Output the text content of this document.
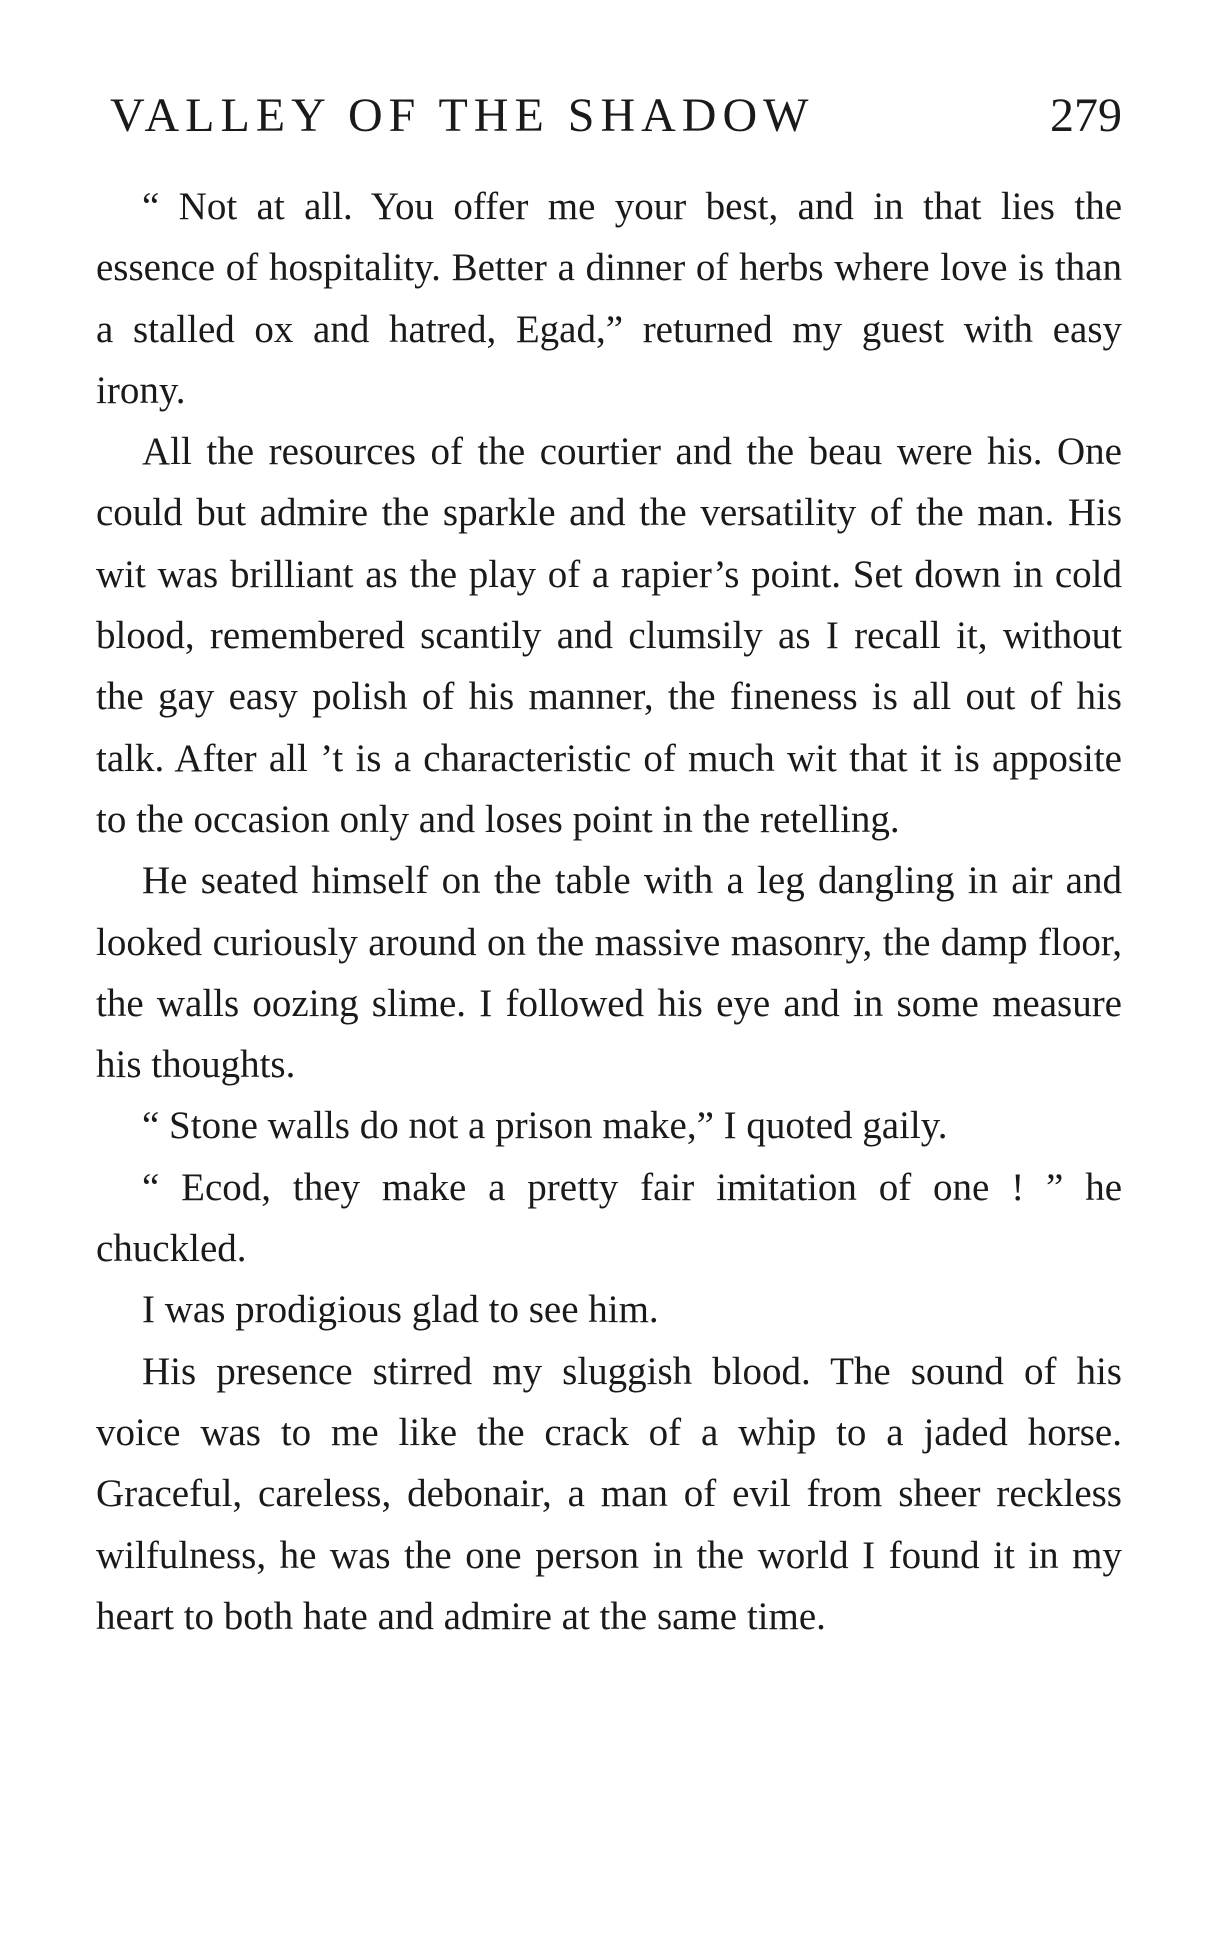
VALLEY OF THE SHADOW	279

“ Not at all. You offer me your best, and in that lies the essence of hospitality. Better a dinner of herbs where love is than a stalled ox and hatred, Egad,” returned my guest with easy irony.

All the resources of the courtier and the beau were his. One could but admire the sparkle and the versatility of the man. His wit was brilliant as the play of a rapier’s point. Set down in cold blood, remembered scantily and clumsily as I recall it, without the gay easy polish of his manner, the fineness is all out of his talk. After all ’t is a characteristic of much wit that it is apposite to the occasion only and loses point in the retelling.

He seated himself on the table with a leg dangling in air and looked curiously around on the massive masonry, the damp floor, the walls oozing slime. I followed his eye and in some measure his thoughts.

“ Stone walls do not a prison make,” I quoted gaily.

“ Ecod, they make a pretty fair imitation of one ! ” he chuckled.

I was prodigious glad to see him.

His presence stirred my sluggish blood. The sound of his voice was to me like the crack of a whip to a jaded horse. Graceful, careless, debonair, a man of evil from sheer reckless wilfulness, he was the one person in the world I found it in my heart to both hate and admire at the same time.
